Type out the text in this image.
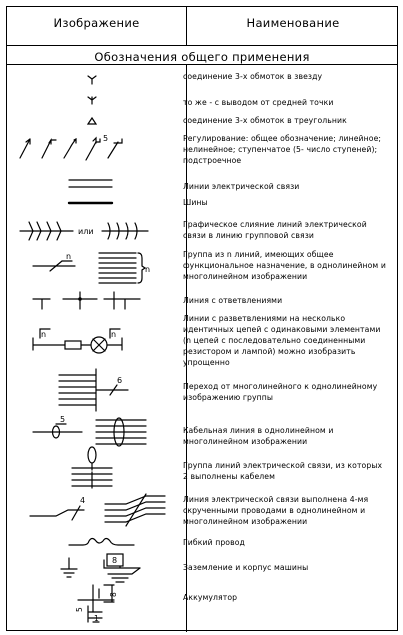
Изображение	Наименование
Обозначения общего применения
соединение 3-х обмоток в звезду
то же - с выводом от средней точки
соединение 3-х обмоток в треугольник
Регулирование: общее обозначение; линейное; нелинейное; ступенчатое (5- число ступеней); подстроечное
Линии электрической связи
Шины
Графическое слияние линий электрической связи в линию групповой связи
Группа из n линий, имеющих общее функциональное назначение, в однолинейном и многолинейном изображении
Линия с ответвлениями
Линии с разветвлениями на несколько идентичных цепей с одинаковыми элементами (n цепей с последовательно соединенными резистором и лампой) можно изобразить упрощенно
Переход от многолинейного к однолинейному изображению группы
Кабельная линия в однолинейном и многолинейном изображении
Группа линий электрической связи, из которых 2 выполнены кабелем
Линия электрической связи выполнена 4-мя скрученными проводами в однолинейном и многолинейном изображении
Гибкий провод
Заземление и корпус машины
Аккумулятор
5
или
n
n
n	n
6
5
4
8
8
5
1
